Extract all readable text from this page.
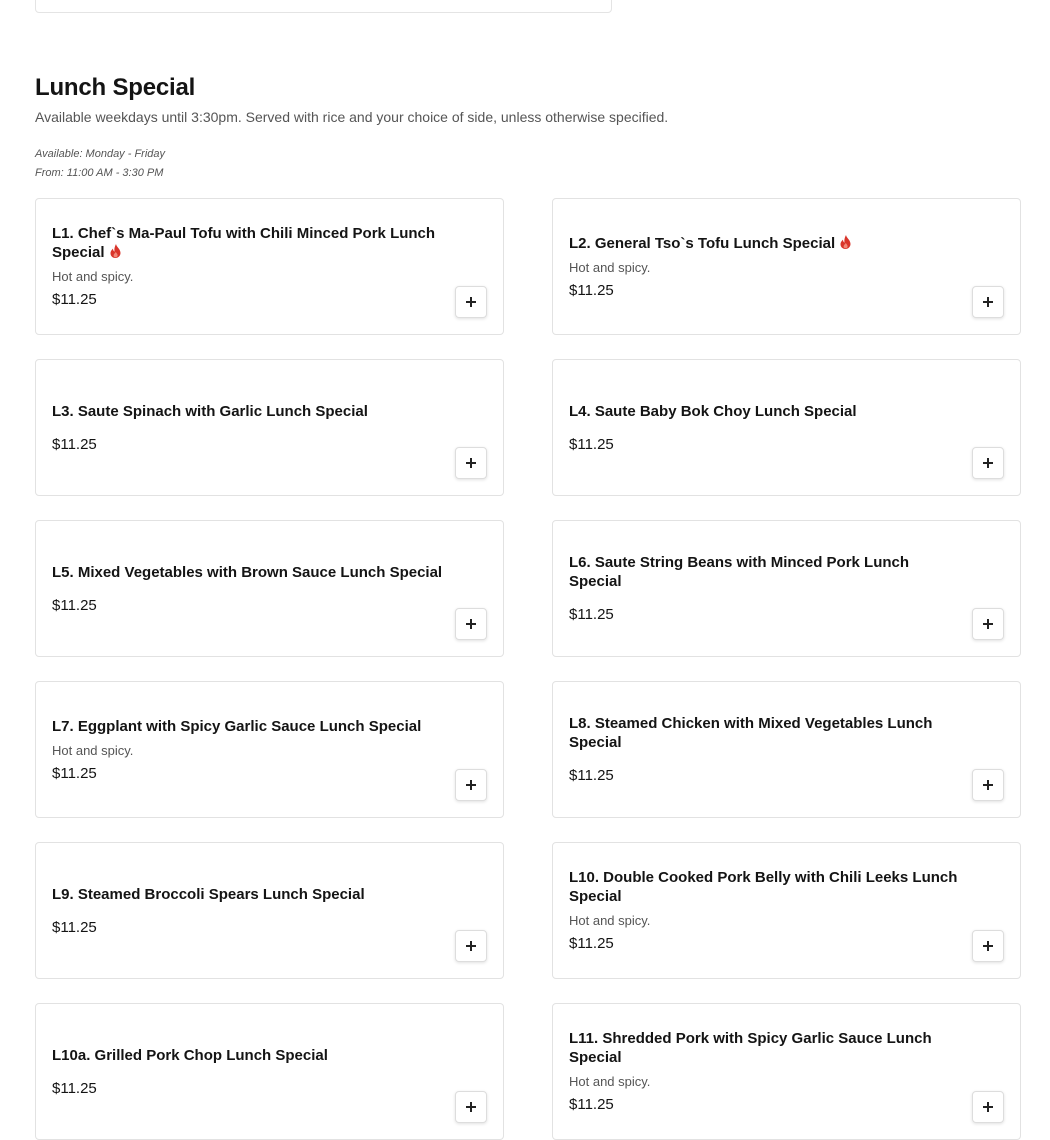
Lunch Special

Available weekdays until 3:30pm. Served with rice and your choice of side, unless otherwise specified.

Available: Monday - Friday
From: 11:00 AM - 3:30 PM
L1. Chef`s Ma-Paul Tofu with Chili Minced Pork Lunch Special
Hot and spicy.
$11.25
L2. General Tso`s Tofu Lunch Special
Hot and spicy.
$11.25
L3. Saute Spinach with Garlic Lunch Special
$11.25
L4. Saute Baby Bok Choy Lunch Special
$11.25
L5. Mixed Vegetables with Brown Sauce Lunch Special
$11.25
L6. Saute String Beans with Minced Pork Lunch Special
$11.25
L7. Eggplant with Spicy Garlic Sauce Lunch Special
Hot and spicy.
$11.25
L8. Steamed Chicken with Mixed Vegetables Lunch Special
$11.25
L9. Steamed Broccoli Spears Lunch Special
$11.25
L10. Double Cooked Pork Belly with Chili Leeks Lunch Special
Hot and spicy.
$11.25
L10a. Grilled Pork Chop Lunch Special
$11.25
L11. Shredded Pork with Spicy Garlic Sauce Lunch Special
Hot and spicy.
$11.25
